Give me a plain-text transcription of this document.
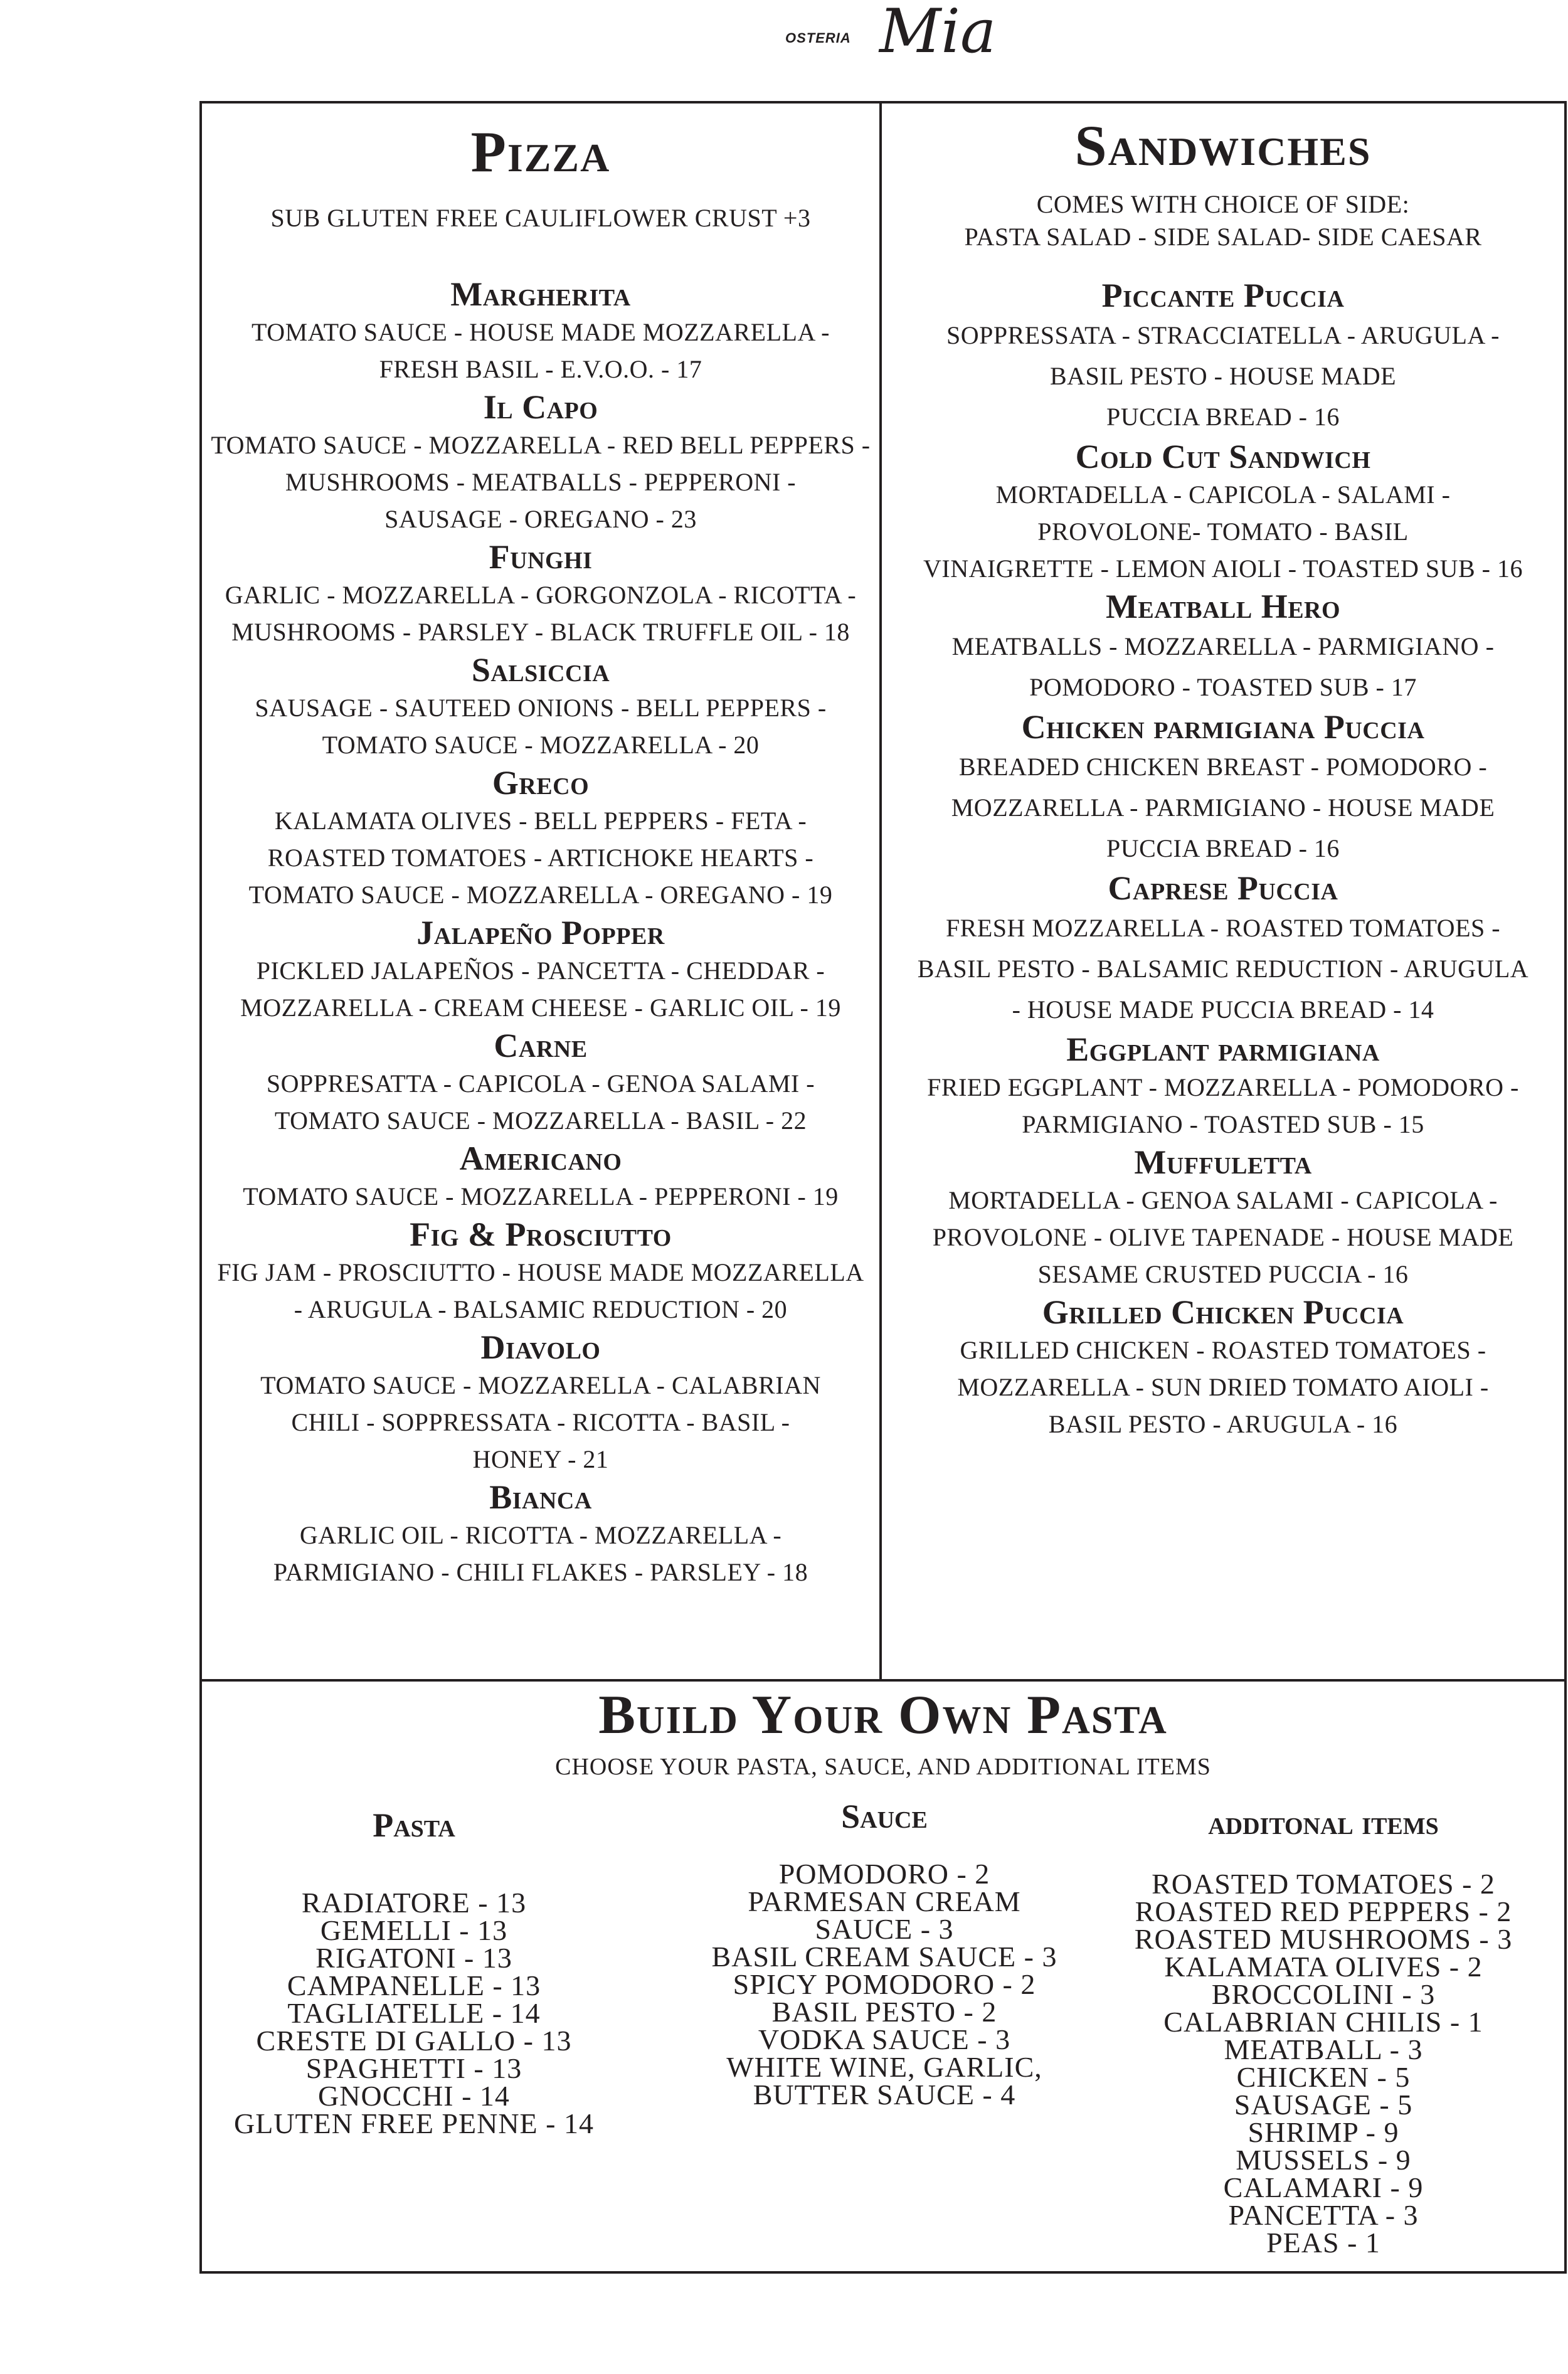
OSTERIA Mia
Pizza
SUB GLUTEN FREE CAULIFLOWER CRUST +3
Margherita
TOMATO SAUCE - HOUSE MADE MOZZARELLA -
FRESH BASIL - E.V.O.O. - 17
Il Capo
TOMATO SAUCE - MOZZARELLA - RED BELL PEPPERS -
MUSHROOMS - MEATBALLS - PEPPERONI -
SAUSAGE - OREGANO - 23
Funghi
GARLIC - MOZZARELLA - GORGONZOLA - RICOTTA -
MUSHROOMS - PARSLEY - BLACK TRUFFLE OIL - 18
Salsiccia
SAUSAGE - SAUTEED ONIONS - BELL PEPPERS -
TOMATO SAUCE - MOZZARELLA - 20
Greco
KALAMATA OLIVES - BELL PEPPERS - FETA -
ROASTED TOMATOES - ARTICHOKE HEARTS -
TOMATO SAUCE - MOZZARELLA - OREGANO - 19
Jalapeño Popper
PICKLED JALAPEÑOS - PANCETTA - CHEDDAR -
MOZZARELLA - CREAM CHEESE - GARLIC OIL - 19
Carne
SOPPRESATTA - CAPICOLA - GENOA SALAMI -
TOMATO SAUCE - MOZZARELLA - BASIL - 22
Americano
TOMATO SAUCE - MOZZARELLA - PEPPERONI - 19
Fig & Prosciutto
FIG JAM - PROSCIUTTO - HOUSE MADE MOZZARELLA
- ARUGULA - BALSAMIC REDUCTION - 20
Diavolo
TOMATO SAUCE - MOZZARELLA - CALABRIAN
CHILI - SOPPRESSATA - RICOTTA - BASIL -
HONEY - 21
Bianca
GARLIC OIL - RICOTTA - MOZZARELLA -
PARMIGIANO - CHILI FLAKES - PARSLEY - 18
Sandwiches
COMES WITH CHOICE OF SIDE:
PASTA SALAD - SIDE SALAD- SIDE CAESAR
Piccante Puccia
SOPPRESSATA - STRACCIATELLA - ARUGULA -
BASIL PESTO - HOUSE MADE
PUCCIA BREAD - 16
Cold Cut Sandwich
MORTADELLA - CAPICOLA - SALAMI -
PROVOLONE- TOMATO - BASIL
VINAIGRETTE - LEMON AIOLI - TOASTED SUB - 16
Meatball Hero
MEATBALLS - MOZZARELLA - PARMIGIANO -
POMODORO - TOASTED SUB - 17
Chicken parmigiana Puccia
BREADED CHICKEN BREAST - POMODORO -
MOZZARELLA - PARMIGIANO - HOUSE MADE
PUCCIA BREAD - 16
Caprese Puccia
FRESH MOZZARELLA - ROASTED TOMATOES -
BASIL PESTO - BALSAMIC REDUCTION - ARUGULA
- HOUSE MADE PUCCIA BREAD - 14
Eggplant parmigiana
FRIED EGGPLANT - MOZZARELLA - POMODORO -
PARMIGIANO - TOASTED SUB - 15
Muffuletta
MORTADELLA - GENOA SALAMI - CAPICOLA -
PROVOLONE - OLIVE TAPENADE - HOUSE MADE
SESAME CRUSTED PUCCIA - 16
Grilled Chicken Puccia
GRILLED CHICKEN - ROASTED TOMATOES -
MOZZARELLA - SUN DRIED TOMATO AIOLI -
BASIL PESTO - ARUGULA - 16
Build Your Own Pasta
CHOOSE YOUR PASTA, SAUCE, AND ADDITIONAL ITEMS
Pasta
RADIATORE - 13
GEMELLI - 13
RIGATONI - 13
CAMPANELLE - 13
TAGLIATELLE - 14
CRESTE DI GALLO - 13
SPAGHETTI - 13
GNOCCHI - 14
GLUTEN FREE PENNE - 14
Sauce
POMODORO - 2
PARMESAN CREAM
SAUCE - 3
BASIL CREAM SAUCE - 3
SPICY POMODORO - 2
BASIL PESTO - 2
VODKA SAUCE - 3
WHITE WINE, GARLIC,
BUTTER SAUCE - 4
additonal items
ROASTED TOMATOES - 2
ROASTED RED PEPPERS - 2
ROASTED MUSHROOMS - 3
KALAMATA OLIVES - 2
BROCCOLINI - 3
CALABRIAN CHILIS - 1
MEATBALL - 3
CHICKEN - 5
SAUSAGE - 5
SHRIMP - 9
MUSSELS - 9
CALAMARI - 9
PANCETTA - 3
PEAS - 1
